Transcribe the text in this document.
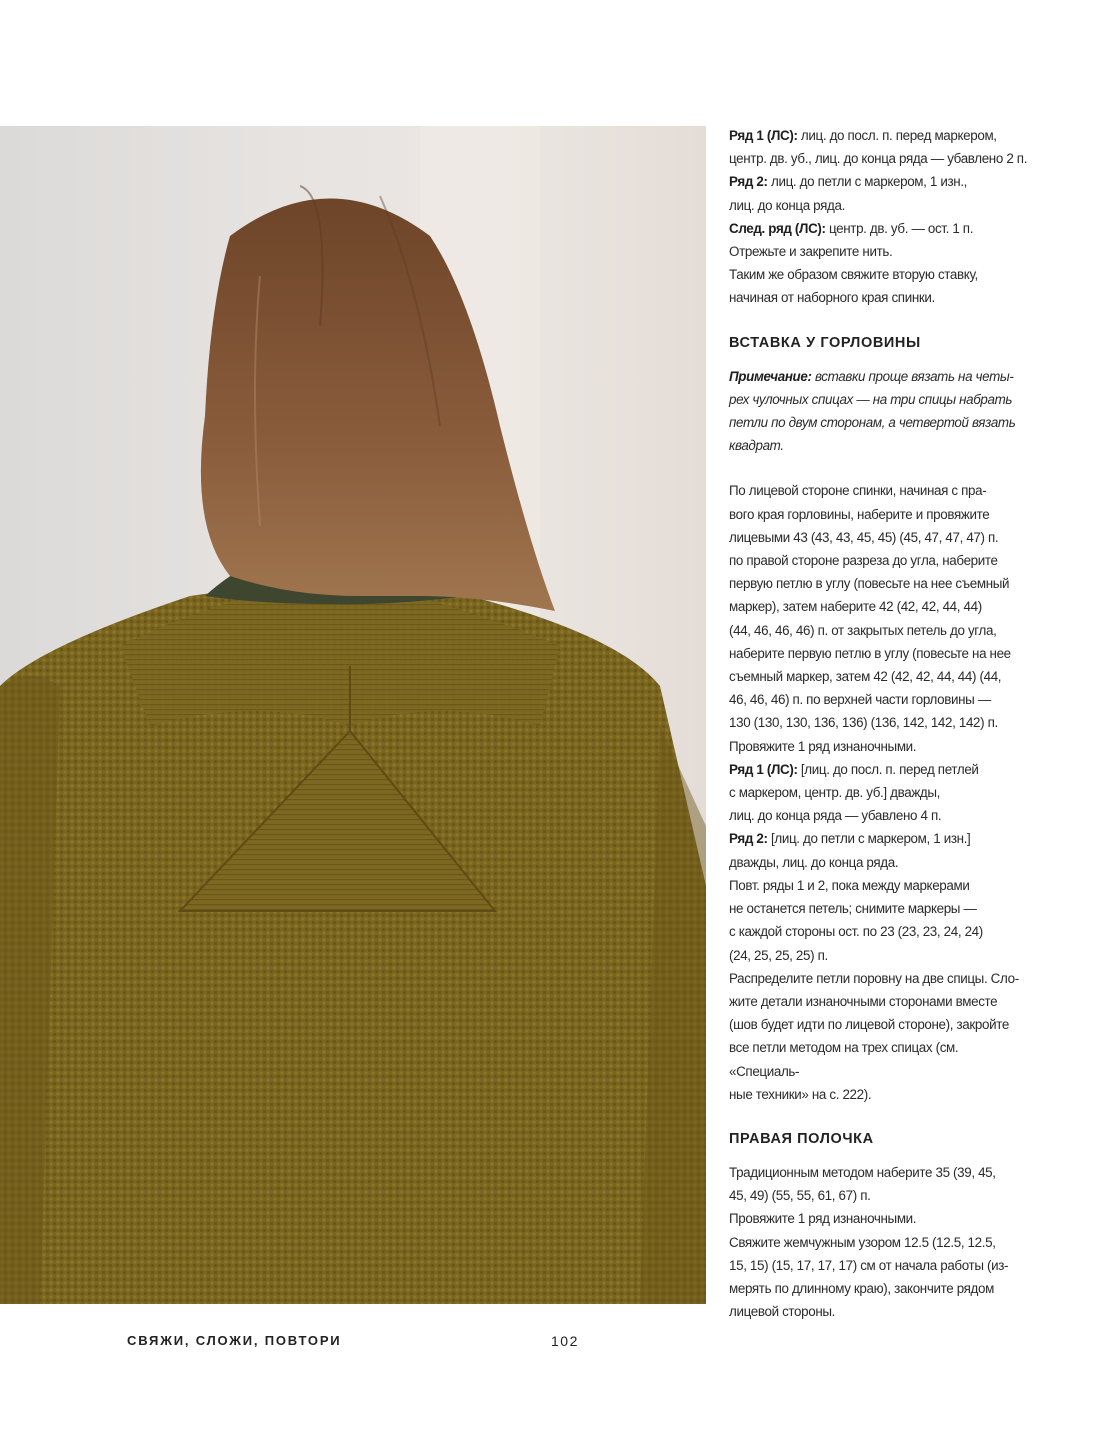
Ряд 1 (ЛС): лиц. до посл. п. перед маркером,

центр. дв. уб., лиц. до конца ряда — убавлено 2 п.

Ряд 2: лиц. до петли с маркером, 1 изн.,

лиц. до конца ряда.

След. ряд (ЛС): центр. дв. уб. — ост. 1 п.

Отрежьте и закрепите нить.

Таким же образом свяжите вторую ставку,

начиная от наборного края спинки.

ВСТАВКА У ГОРЛОВИНЫ

Примечание: вставки проще вязать на четы-

рех чулочных спицах — на три спицы набрать

петли по двум сторонам, а четвертой вязать

квадрат.

По лицевой стороне спинки, начиная с пра-

вого края горловины, наберите и провяжите

лицевыми 43 (43, 43, 45, 45) (45, 47, 47, 47) п.

по правой стороне разреза до угла, наберите

первую петлю в углу (повесьте на нее съемный

маркер), затем наберите 42 (42, 42, 44, 44)

(44, 46, 46, 46) п. от закрытых петель до угла,

наберите первую петлю в углу (повесьте на нее

съемный маркер, затем 42 (42, 42, 44, 44) (44,

46, 46, 46) п. по верхней части горловины —

130 (130, 130, 136, 136) (136, 142, 142, 142) п.

Провяжите 1 ряд изнаночными.

Ряд 1 (ЛС): [лиц. до посл. п. перед петлей

с маркером, центр. дв. уб.] дважды,

лиц. до конца ряда — убавлено 4 п.

Ряд 2: [лиц. до петли с маркером, 1 изн.]

дважды, лиц. до конца ряда.

Повт. ряды 1 и 2, пока между маркерами

не останется петель; снимите маркеры —

с каждой стороны ост. по 23 (23, 23, 24, 24)

(24, 25, 25, 25) п.

Распределите петли поровну на две спицы. Сло-

жите детали изнаночными сторонами вместе

(шов будет идти по лицевой стороне), закройте

все петли методом на трех спицах (см. «Специаль-

ные техники» на с. 222).

ПРАВАЯ ПОЛОЧКА

Традиционным методом наберите 35 (39, 45,

45, 49) (55, 55, 61, 67) п.

Провяжите 1 ряд изнаночными.

Свяжите жемчужным узором 12.5 (12.5, 12.5,

15, 15) (15, 17, 17, 17) см от начала работы (из-

мерять по длинному краю), закончите рядом

лицевой стороны.

СВЯЖИ, СЛОЖИ, ПОВТОРИ	102
